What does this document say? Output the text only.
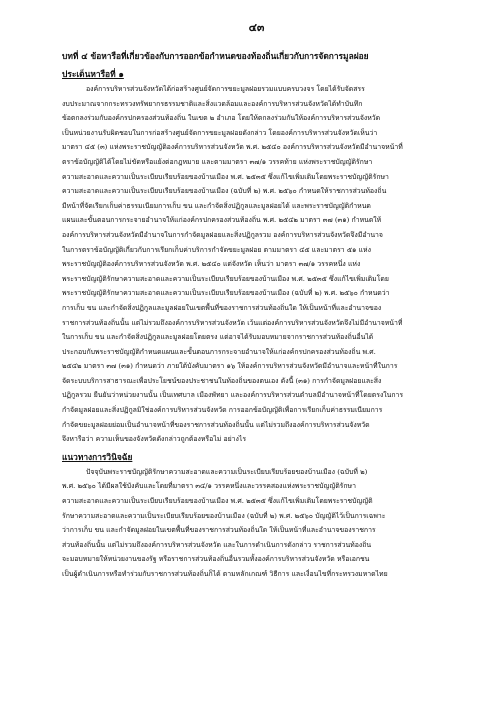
๔๓
บทที่ ๔ ข้อหารือที่เกี่ยวข้องกับการออกข้อกำหนดของท้องถิ่นเกี่ยวกับการจัดการมูลฝอย
ประเด็นหารือที่ ๑
องค์การบริหารส่วนจังหวัดได้ก่อสร้างศูนย์จัดการขยะมูลฝอยรวมแบบครบวงจร โดยได้รับจัดสรร
งบประมาณจากกระทรวงทรัพยากรธรรมชาติและสิ่งแวดล้อมและองค์การบริหารส่วนจังหวัดได้ทำบันทึก
ข้อตกลงร่วมกับองค์กรปกครองส่วนท้องถิ่น ในเขต ๒ อำเภอ โดยให้ตกลงร่วมกันให้องค์การบริหารส่วนจังหวัด
เป็นหน่วยงานรับผิดชอบในการก่อสร้างศูนย์จัดการขยะมูลฝอยดังกล่าว โดยองค์การบริหารส่วนจังหวัดเห็นว่า
มาตรา ๔๕ (๓) แห่งพระราชบัญญัติองค์การบริหารส่วนจังหวัด พ.ศ. ๒๕๔๐ องค์การบริหารส่วนจังหวัดมีอำนาจหน้าที่
ตราข้อบัญญัติได้โดยไม่ขัดหรือแย้งต่อกฎหมาย และตามมาตรา ๓๗/๑ วรรคท้าย แห่งพระราชบัญญัติรักษา
ความสะอาดและความเป็นระเบียบเรียบร้อยของบ้านเมือง พ.ศ. ๒๕๓๕ ซึ่งแก้ไขเพิ่มเติมโดยพระราชบัญญัติรักษา
ความสะอาดและความเป็นระเบียบเรียบร้อยของบ้านเมือง (ฉบับที่ ๒) พ.ศ. ๒๕๖๐ กำหนดให้ราชการส่วนท้องถิ่น
มีหน้าที่จัดเรียกเก็บค่าธรรมเนียมการเก็บ ขน และกำจัดสิ่งปฏิกูลและมูลฝอยได้ และพระราชบัญญัติกำหนด
แผนและขั้นตอนการกระจายอำนาจให้แก่องค์กรปกครองส่วนท้องถิ่น พ.ศ. ๒๕๔๒ มาตรา ๓๗ (๓๑) กำหนดให้
องค์การบริหารส่วนจังหวัดมีอำนาจในการกำจัดมูลฝอยและสิ่งปฏิกูลรวม องค์การบริหารส่วนจังหวัดจึงมีอำนาจ
ในการตราข้อบัญญัติเกี่ยวกับการเรียกเก็บค่าบริการกำจัดขยะมูลฝอย ตามมาตรา ๔๕ และมาตรา ๕๑ แห่ง
พระราชบัญญัติองค์การบริหารส่วนจังหวัด พ.ศ. ๒๕๔๐ แต่จังหวัด เห็นว่า มาตรา ๓๗/๑ วรรคหนึ่ง แห่ง
พระราชบัญญัติรักษาความสะอาดและความเป็นระเบียบเรียบร้อยของบ้านเมือง พ.ศ. ๒๕๓๕ ซึ่งแก้ไขเพิ่มเติมโดย
พระราชบัญญัติรักษาความสะอาดและความเป็นระเบียบเรียบร้อยของบ้านเมือง (ฉบับที่ ๒) พ.ศ. ๒๕๖๐ กำหนดว่า
การเก็บ ขน และกำจัดสิ่งปฏิกูลและมูลฝอยในเขตพื้นที่ของราชการส่วนท้องถิ่นใด ให้เป็นหน้าที่และอำนาจของ
ราชการส่วนท้องถิ่นนั้น แต่ไม่รวมถึงองค์การบริหารส่วนจังหวัด เว้นแต่องค์การบริหารส่วนจังหวัดจึงไม่มีอำนาจหน้าที่
ในการเก็บ ขน และกำจัดสิ่งปฏิกูลและมูลฝอยโดยตรง แต่อาจได้รับมอบหมายจากราชการส่วนท้องถิ่นอื่นได้
ประกอบกับพระราชบัญญัติกำหนดแผนและขั้นตอนการกระจายอำนาจให้แก่องค์กรปกครองส่วนท้องถิ่น พ.ศ.
๒๕๔๒ มาตรา ๓๗ (๓๑) กำหนดว่า ภายใต้บังคับมาตรา ๑๖ ให้องค์การบริหารส่วนจังหวัดมีอำนาจและหน้าที่ในการ
จัดระบบบริการสาธารณะเพื่อประโยชน์ของประชาชนในท้องถิ่นของตนเอง ดังนี้ (๓๑) การกำจัดมูลฝอยและสิ่ง
ปฏิกูลรวม ยืนยันว่าหน่วยงานนั้น เป็นเทศบาล เมืองพัทยา และองค์การบริหารส่วนตำบลมีอำนาจหน้าที่โดยตรงในการ
กำจัดมูลฝอยและสิ่งปฏิกูลมิใช่องค์การบริหารส่วนจังหวัด การออกข้อบัญญัติเพื่อการเรียกเก็บค่าธรรมเนียมการ
กำจัดขยะมูลฝอยย่อมเป็นอำนาจหน้าที่ของราชการส่วนท้องถิ่นนั้น แต่ไม่รวมถึงองค์การบริหารส่วนจังหวัด
จึงหารือว่า ความเห็นของจังหวัดดังกล่าวถูกต้องหรือไม่ อย่างไร
แนวทางการวินิจฉัย
ปัจจุบันพระราชบัญญัติรักษาความสะอาดและความเป็นระเบียบเรียบร้อยของบ้านเมือง (ฉบับที่ ๒)
พ.ศ. ๒๕๖๐ ได้มีผลใช้บังคับและโดยที่มาตรา ๓๔/๑ วรรคหนึ่งและวรรคสองแห่งพระราชบัญญัติรักษา
ความสะอาดและความเป็นระเบียบเรียบร้อยของบ้านเมือง พ.ศ. ๒๕๓๕ ซึ่งแก้ไขเพิ่มเติมโดยพระราชบัญญัติ
รักษาความสะอาดและความเป็นระเบียบเรียบร้อยของบ้านเมือง (ฉบับที่ ๒) พ.ศ. ๒๕๖๐ บัญญัติไว้เป็นการเฉพาะ
ว่าการเก็บ ขน และกำจัดมูลฝอยในเขตพื้นที่ของราชการส่วนท้องถิ่นใด ให้เป็นหน้าที่และอำนาจของราชการ
ส่วนท้องถิ่นนั้น แต่ไม่รวมถึงองค์การบริหารส่วนจังหวัด และในการดำเนินการดังกล่าว ราชการส่วนท้องถิ่น
จะมอบหมายให้หน่วยงานของรัฐ หรือราชการส่วนท้องถิ่นอื่นรวมทั้งองค์การบริหารส่วนจังหวัด หรือเอกชน
เป็นผู้ดำเนินการหรือทำร่วมกับราชการส่วนท้องถิ่นก็ได้ ตามหลักเกณฑ์ วิธีการ และเงื่อนไขที่กระทรวงมหาดไทย
